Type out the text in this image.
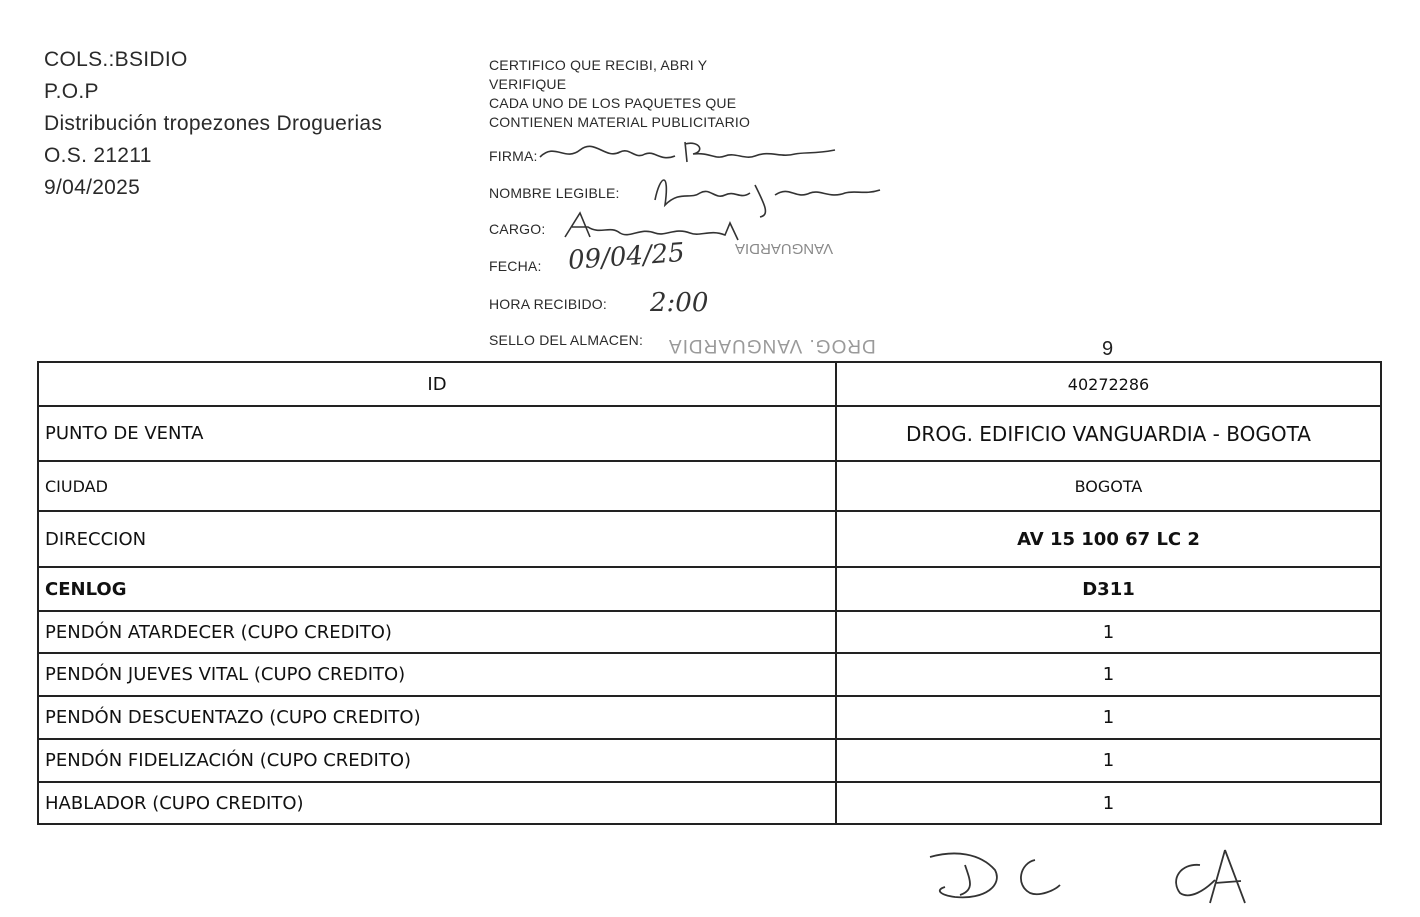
COLS.:BSIDIO
P.O.P
Distribución tropezones Droguerias
O.S. 21211
9/04/2025
CERTIFICO QUE RECIBI, ABRI Y
VERIFIQUE
CADA UNO DE LOS PAQUETES QUE
CONTIENEN MATERIAL PUBLICITARIO
FIRMA:
NOMBRE LEGIBLE:
CARGO:
FECHA: 09/04/25	VANGUARDIA
HORA RECIBIDO: 2:00
SELLO DEL ALMACEN: DROG. VANGUARDIA	9
ID	40272286
PUNTO DE VENTA	DROG. EDIFICIO VANGUARDIA - BOGOTA
CIUDAD	BOGOTA
DIRECCION	AV 15 100 67 LC 2
CENLOG	D311
PENDÓN ATARDECER (CUPO CREDITO)	1
PENDÓN JUEVES VITAL (CUPO CREDITO)	1
PENDÓN DESCUENTAZO (CUPO CREDITO)	1
PENDÓN FIDELIZACIÓN (CUPO CREDITO)	1
HABLADOR (CUPO CREDITO)	1
